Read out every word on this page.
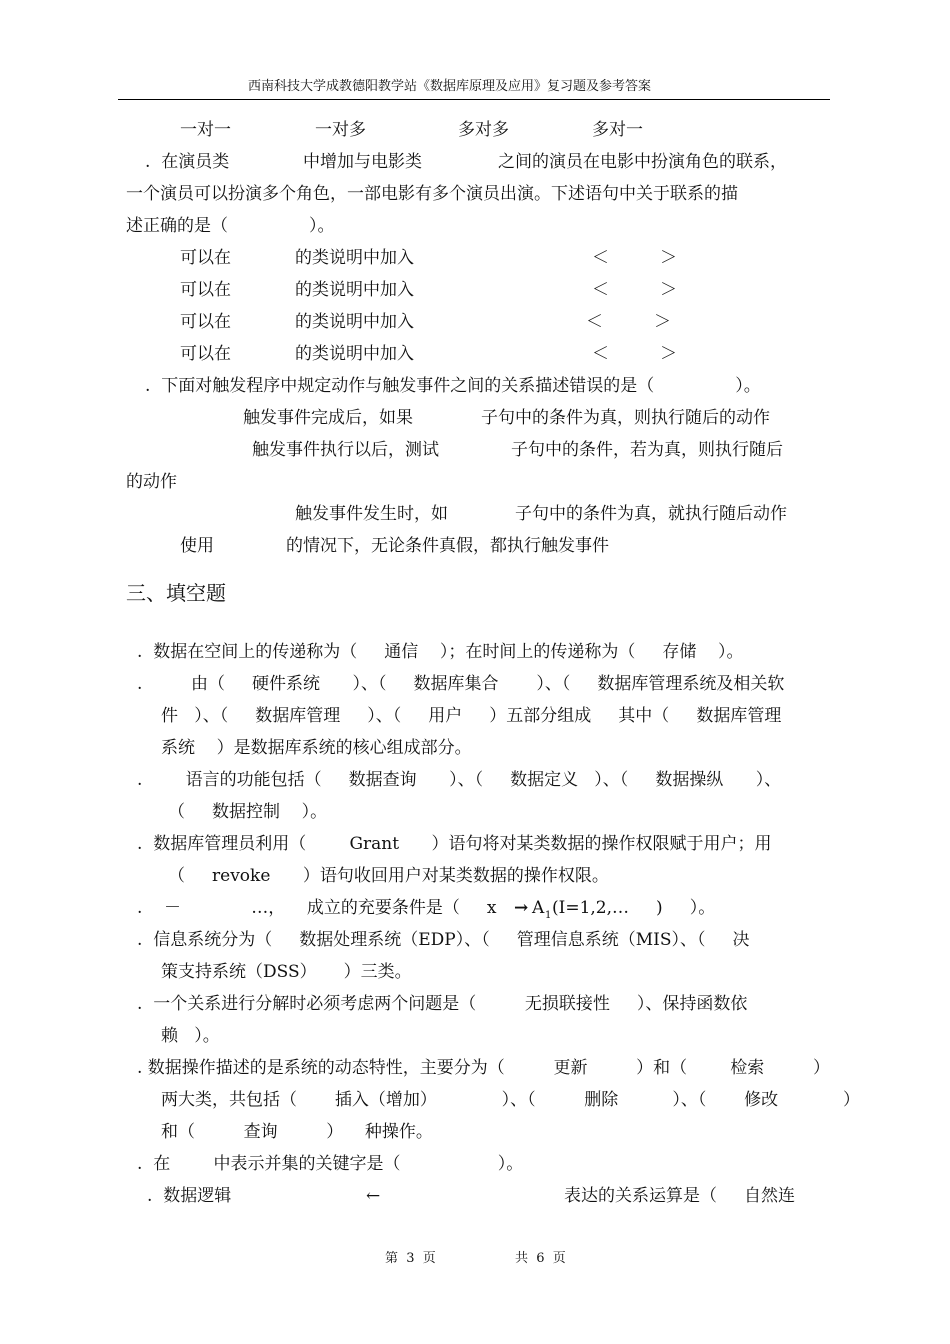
西南科技大学成教德阳教学站《数据库原理及应用》复习题及参考答案
一对一	一对多	多对多	多对一
.  在演员类	中增加与电影类	之间的演员在电影中扮演角色的联系，
一个演员可以扮演多个角色，一部电影有多个演员出演。下述语句中关于联系的描
述正确的是（               ）。
可以在	的类说明中加入	＜	＞
可以在	的类说明中加入	＜	＞
可以在	的类说明中加入	＜	＞
可以在	的类说明中加入	＜	＞
.  下面对触发程序中规定动作与触发事件之间的关系描述错误的是（               ）。
触发事件完成后，如果	子句中的条件为真，则执行随后的动作
触发事件执行以后，测试	子句中的条件，若为真，则执行随后
的动作
触发事件发生时，如	子句中的条件为真，就执行随后动作
使用	的情况下，无论条件真假，都执行触发事件
三、填空题
.  数据在空间上的传递称为（     通信    ）；在时间上的传递称为（     存储    ）。
.         由（     硬件系统      ）、（     数据库集合       ）、（     数据库管理系统及相关软
件   ）、（     数据库管理     ）、（     用户     ）五部分组成     其中（     数据库管理
系统    ）是数据库系统的核心组成部分。
.        语言的功能包括（     数据查询      ）、（     数据定义   ）、（     数据操纵      ）、
（     数据控制    ）。
.  数据库管理员利用（        Grant      ）语句将对某类数据的操作权限赋于用户；用
（     revoke      ）语句收回用户对某类数据的操作权限。
.    －             …，    成立的充要条件是（     x → A 1 (I=1,2,…     )     ）。
.  信息系统分为（     数据处理系统（EDP）、（     管理信息系统（MIS）、（     决
策支持系统（DSS）     ）三类。
.  一个关系进行分解时必须考虑两个问题是（         无损联接性     ）、保持函数依
赖   ）。
. 数据操作描述的是系统的动态特性，主要分为（         更新         ）和（        检索         ）
两大类，共包括（       插入（增加）            ）、（         删除          ）、（       修改            ）
和（         查询         ）    种操作。
.  在        中表示并集的关键字是（                  ）。
.  数据逻辑	←	表达的关系运算是（     自然连
第  3  页	共  6  页
